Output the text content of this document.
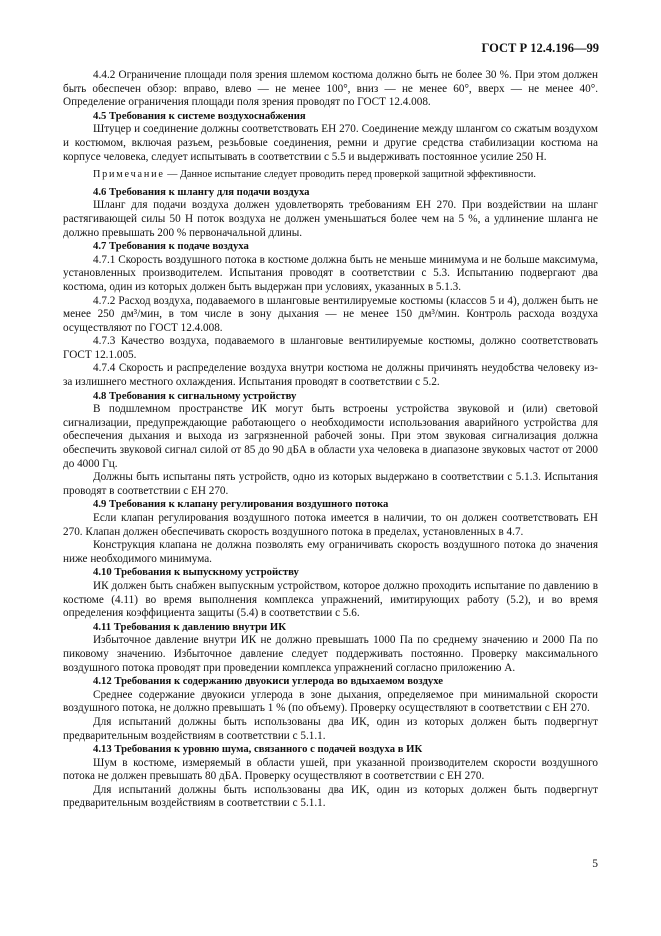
ГОСТ Р 12.4.196—99

4.4.2 Ограничение площади поля зрения шлемом костюма должно быть не более 30 %. При этом должен быть обеспечен обзор: вправо, влево — не менее 100°, вниз — не менее 60°, вверх — не менее 40°. Определение ограничения площади поля зрения проводят по ГОСТ 12.4.008.

4.5 Требования к системе воздухоснабжения

Штуцер и соединение должны соответствовать ЕН 270. Соединение между шлангом со сжатым воздухом и костюмом, включая разъем, резьбовые соединения, ремни и другие средства стабилизации костюма на корпусе человека, следует испытывать в соответствии с 5.5 и выдерживать постоянное усилие 250 Н.

Примечание — Данное испытание следует проводить перед проверкой защитной эффективности.

4.6 Требования к шлангу для подачи воздуха

Шланг для подачи воздуха должен удовлетворять требованиям ЕН 270. При воздействии на шланг растягивающей силы 50 Н поток воздуха не должен уменьшаться более чем на 5 %, а удлинение шланга не должно превышать 200 % первоначальной длины.

4.7 Требования к подаче воздуха

4.7.1 Скорость воздушного потока в костюме должна быть не меньше минимума и не больше максимума, установленных производителем. Испытания проводят в соответствии с 5.3. Испытанию подвергают два костюма, один из которых должен быть выдержан при условиях, указанных в 5.1.3.

4.7.2 Расход воздуха, подаваемого в шланговые вентилируемые костюмы (классов 5 и 4), должен быть не менее 250 дм³/мин, в том числе в зону дыхания — не менее 150 дм³/мин. Контроль расхода воздуха осуществляют по ГОСТ 12.4.008.

4.7.3 Качество воздуха, подаваемого в шланговые вентилируемые костюмы, должно соответствовать ГОСТ 12.1.005.

4.7.4 Скорость и распределение воздуха внутри костюма не должны причинять неудобства человеку из-за излишнего местного охлаждения. Испытания проводят в соответствии с 5.2.

4.8 Требования к сигнальному устройству

В подшлемном пространстве ИК могут быть встроены устройства звуковой и (или) световой сигнализации, предупреждающие работающего о необходимости использования аварийного устройства для обеспечения дыхания и выхода из загрязненной рабочей зоны. При этом звуковая сигнализация должна обеспечить звуковой сигнал силой от 85 до 90 дБА в области уха человека в диапазоне звуковых частот от 2000 до 4000 Гц.

Должны быть испытаны пять устройств, одно из которых выдержано в соответствии с 5.1.3. Испытания проводят в соответствии с ЕН 270.

4.9 Требования к клапану регулирования воздушного потока

Если клапан регулирования воздушного потока имеется в наличии, то он должен соответствовать ЕН 270. Клапан должен обеспечивать скорость воздушного потока в пределах, установленных в 4.7.

Конструкция клапана не должна позволять ему ограничивать скорость воздушного потока до значения ниже необходимого минимума.

4.10 Требования к выпускному устройству

ИК должен быть снабжен выпускным устройством, которое должно проходить испытание по давлению в костюме (4.11) во время выполнения комплекса упражнений, имитирующих работу (5.2), и во время определения коэффициента защиты (5.4) в соответствии с 5.6.

4.11 Требования к давлению внутри ИК

Избыточное давление внутри ИК не должно превышать 1000 Па по среднему значению и 2000 Па по пиковому значению. Избыточное давление следует поддерживать постоянно. Проверку максимального воздушного потока проводят при проведении комплекса упражнений согласно приложению А.

4.12 Требования к содержанию двуокиси углерода во вдыхаемом воздухе

Среднее содержание двуокиси углерода в зоне дыхания, определяемое при минимальной скорости воздушного потока, не должно превышать 1 % (по объему). Проверку осуществляют в соответствии с ЕН 270.

Для испытаний должны быть использованы два ИК, один из которых должен быть подвергнут предварительным воздействиям в соответствии с 5.1.1.

4.13 Требования к уровню шума, связанного с подачей воздуха в ИК

Шум в костюме, измеряемый в области ушей, при указанной производителем скорости воздушного потока не должен превышать 80 дБА. Проверку осуществляют в соответствии с ЕН 270.

Для испытаний должны быть использованы два ИК, один из которых должен быть подвергнут предварительным воздействиям в соответствии с 5.1.1.

5
